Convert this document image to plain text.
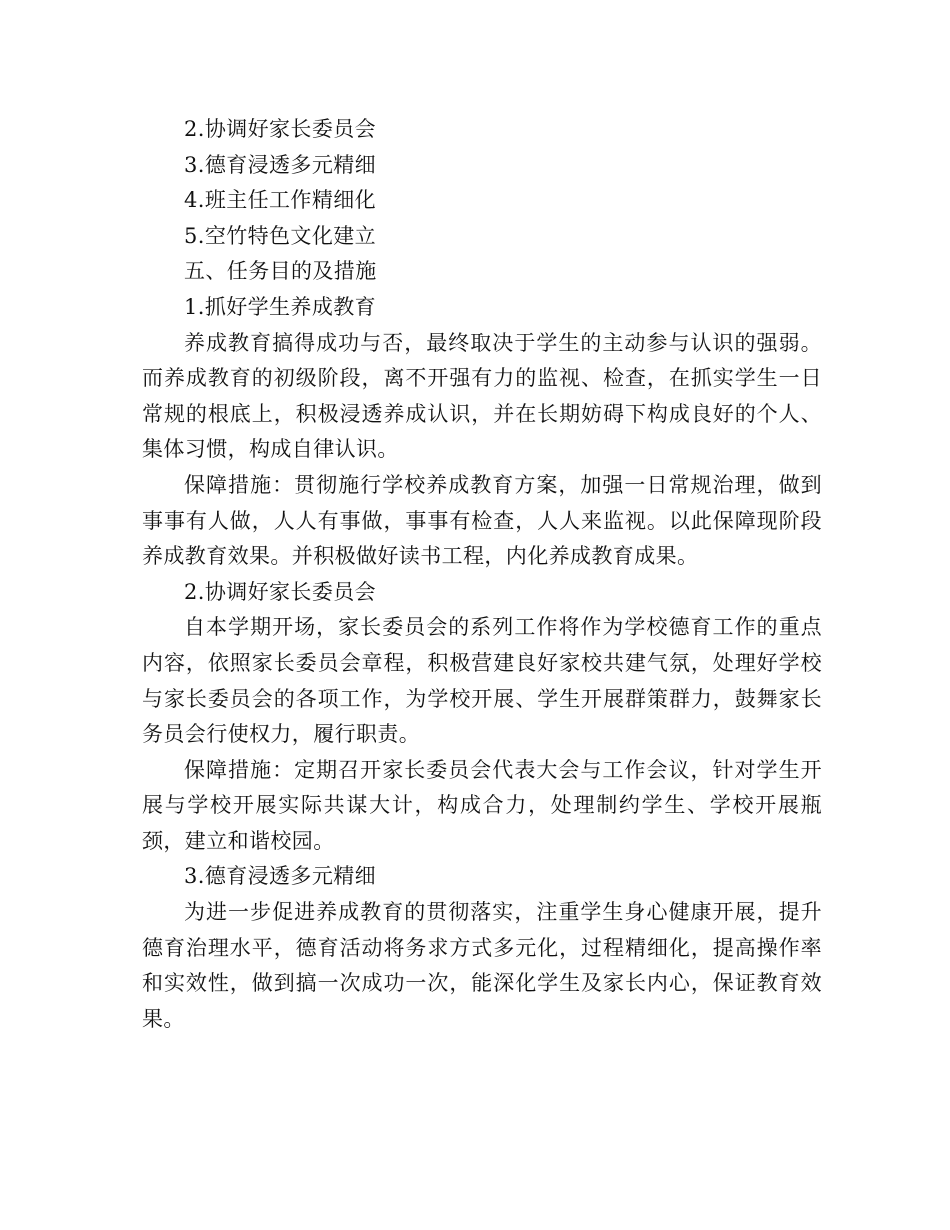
2.协调好家长委员会
3.德育浸透多元精细
4.班主任工作精细化
5.空竹特色文化建立
五、任务目的及措施
1.抓好学生养成教育

养成教育搞得成功与否，最终取决于学生的主动参与认识的强弱。而养成教育的初级阶段，离不开强有力的监视、检查，在抓实学生一日常规的根底上，积极浸透养成认识，并在长期妨碍下构成良好的个人、集体习惯，构成自律认识。

保障措施：贯彻施行学校养成教育方案，加强一日常规治理，做到事事有人做，人人有事做，事事有检查，人人来监视。以此保障现阶段养成教育效果。并积极做好读书工程，内化养成教育成果。

2.协调好家长委员会

自本学期开场，家长委员会的系列工作将作为学校德育工作的重点内容，依照家长委员会章程，积极营建良好家校共建气氛，处理好学校与家长委员会的各项工作，为学校开展、学生开展群策群力，鼓舞家长务员会行使权力，履行职责。

保障措施：定期召开家长委员会代表大会与工作会议，针对学生开展与学校开展实际共谋大计，构成合力，处理制约学生、学校开展瓶颈，建立和谐校园。

3.德育浸透多元精细

为进一步促进养成教育的贯彻落实，注重学生身心健康开展，提升德育治理水平，德育活动将务求方式多元化，过程精细化，提高操作率和实效性，做到搞一次成功一次，能深化学生及家长内心，保证教育效果。
